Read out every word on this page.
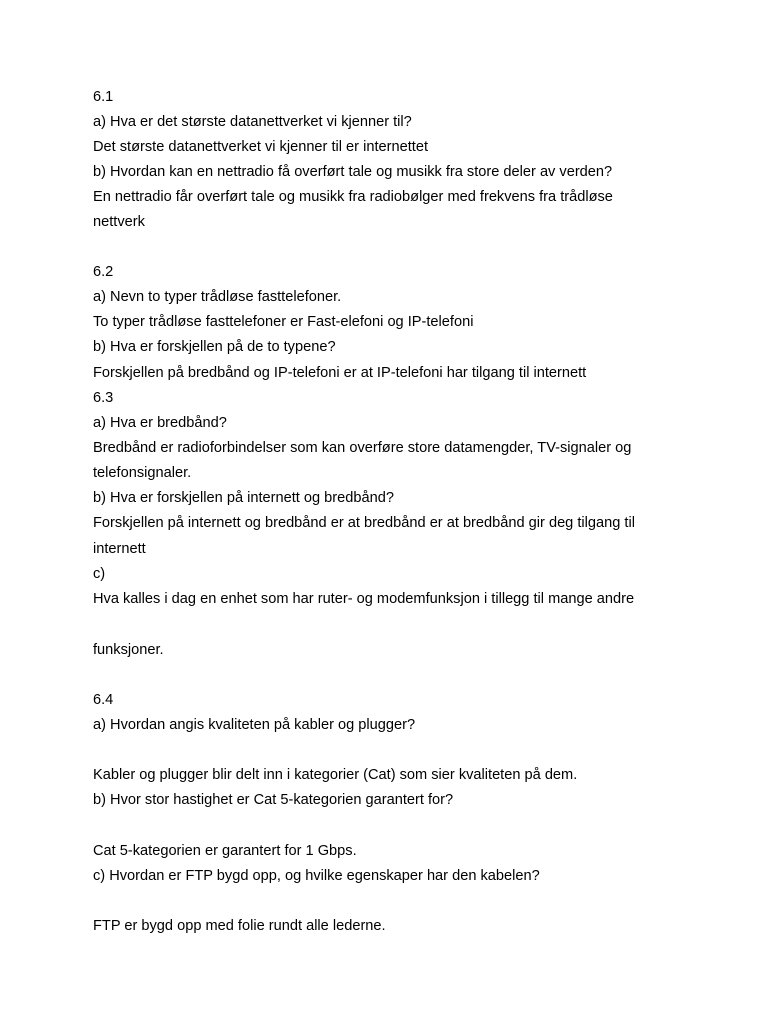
6.1
a) Hva er det største datanettverket vi kjenner til?
Det største datanettverket vi kjenner til er internettet
b) Hvordan kan en nettradio få overført tale og musikk fra store deler av verden?
En nettradio får overført tale og musikk fra radiobølger med frekvens fra trådløse
nettverk
6.2
a) Nevn to typer trådløse fasttelefoner.
To typer trådløse fasttelefoner er Fast-elefoni og IP-telefoni
b) Hva er forskjellen på de to typene?
Forskjellen på bredbånd og IP-telefoni er at IP-telefoni har tilgang til internett
6.3
a) Hva er bredbånd?
Bredbånd er radioforbindelser som kan overføre store datamengder, TV-signaler og
telefonsignaler.
b) Hva er forskjellen på internett og bredbånd?
Forskjellen på internett og bredbånd er at bredbånd er at bredbånd gir deg tilgang til
internett
c)
Hva kalles i dag en enhet som har ruter- og modemfunksjon i tillegg til mange andre
funksjoner.
6.4
a) Hvordan angis kvaliteten på kabler og plugger?
Kabler og plugger blir delt inn i kategorier (Cat) som sier kvaliteten på dem.
b) Hvor stor hastighet er Cat 5-kategorien garantert for?
Cat 5-kategorien er garantert for 1 Gbps.
c) Hvordan er FTP bygd opp, og hvilke egenskaper har den kabelen?
FTP er bygd opp med folie rundt alle lederne.
